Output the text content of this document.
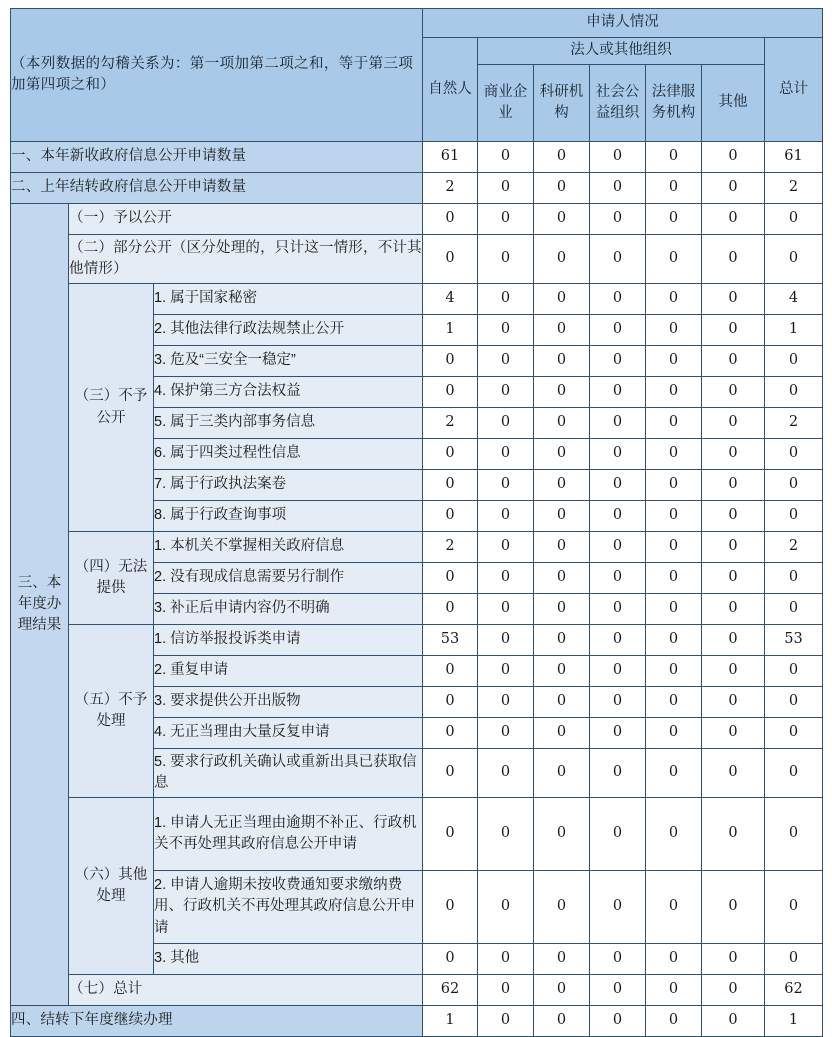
（本列数据的勾稽关系为：第一项加第二项之和，等于第三项加第四项之和）			申请人情况						
			自然人	法人或其他组织					总计
				商业企业	科研机构	社会公益组织	法律服务机构	其他	
一、本年新收政府信息公开申请数量			61	0	0	0	0	0	61
二、上年结转政府信息公开申请数量			2	0	0	0	0	0	2
三、本年度办理结果	（一）予以公开		0	0	0	0	0	0	0
	（二）部分公开（区分处理的，只计这一情形，不计其他情形）		0	0	0	0	0	0	0
	（三）不予公开	1. 属于国家秘密	4	0	0	0	0	0	4
		2. 其他法律行政法规禁止公开	1	0	0	0	0	0	1
		3. 危及“三安全一稳定”	0	0	0	0	0	0	0
		4. 保护第三方合法权益	0	0	0	0	0	0	0
		5. 属于三类内部事务信息	2	0	0	0	0	0	2
		6. 属于四类过程性信息	0	0	0	0	0	0	0
		7. 属于行政执法案卷	0	0	0	0	0	0	0
		8. 属于行政查询事项	0	0	0	0	0	0	0
	（四）无法提供	1. 本机关不掌握相关政府信息	2	0	0	0	0	0	2
		2. 没有现成信息需要另行制作	0	0	0	0	0	0	0
		3. 补正后申请内容仍不明确	0	0	0	0	0	0	0
	（五）不予处理	1. 信访举报投诉类申请	53	0	0	0	0	0	53
		2. 重复申请	0	0	0	0	0	0	0
		3. 要求提供公开出版物	0	0	0	0	0	0	0
		4. 无正当理由大量反复申请	0	0	0	0	0	0	0
		5. 要求行政机关确认或重新出具已获取信息	0	0	0	0	0	0	0
	（六）其他处理	1. 申请人无正当理由逾期不补正、行政机关不再处理其政府信息公开申请	0	0	0	0	0	0	0
		2. 申请人逾期未按收费通知要求缴纳费用、行政机关不再处理其政府信息公开申请	0	0	0	0	0	0	0
		3. 其他	0	0	0	0	0	0	0
	（七）总计		62	0	0	0	0	0	62
四、结转下年度继续办理			1	0	0	0	0	0	1
